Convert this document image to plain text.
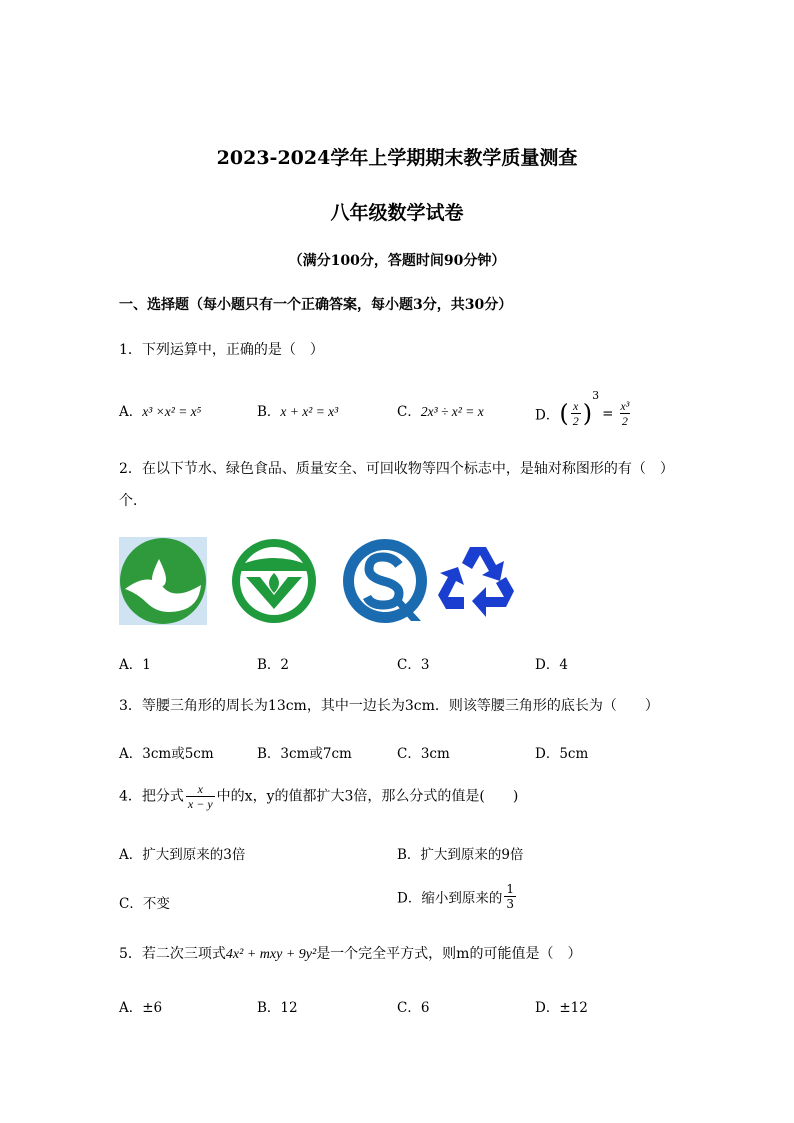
2023-2024学年上学期期末教学质量测查
八年级数学试卷
（满分100分，答题时间90分钟）
一、选择题（每小题只有一个正确答案，每小题3分，共30分）
1．下列运算中，正确的是（　）
A．x³ ×x² = x⁵	B．x + x² = x³	C．2x³ ÷ x² = x	D．( $\frac{x}{2} )^3= \frac{\text{x³}}{2}$
2．在以下节水、绿色食品、质量安全、可回收物等四个标志中，是轴对称图形的有（　）
个．
A．1	B．2	C．3	D．4
3．等腰三角形的周长为13cm，其中一边长为3cm．则该等腰三角形的底长为（　　）
A．3cm或5cm	B．3cm或7cm	C．3cm	D．5cm
4．把分式 $\frac{x}{x - y}$ 中的x，y的值都扩大3倍，那么分式的值是(　　)
A．扩大到原来的3倍	B．扩大到原来的9倍
C．不变	D．缩小到原来的 $\frac{1}{3}$
5．若二次三项式4x² + mxy + 9y²是一个完全平方式，则m的可能值是（　）
A．±6	B．12	C．6	D．±12
